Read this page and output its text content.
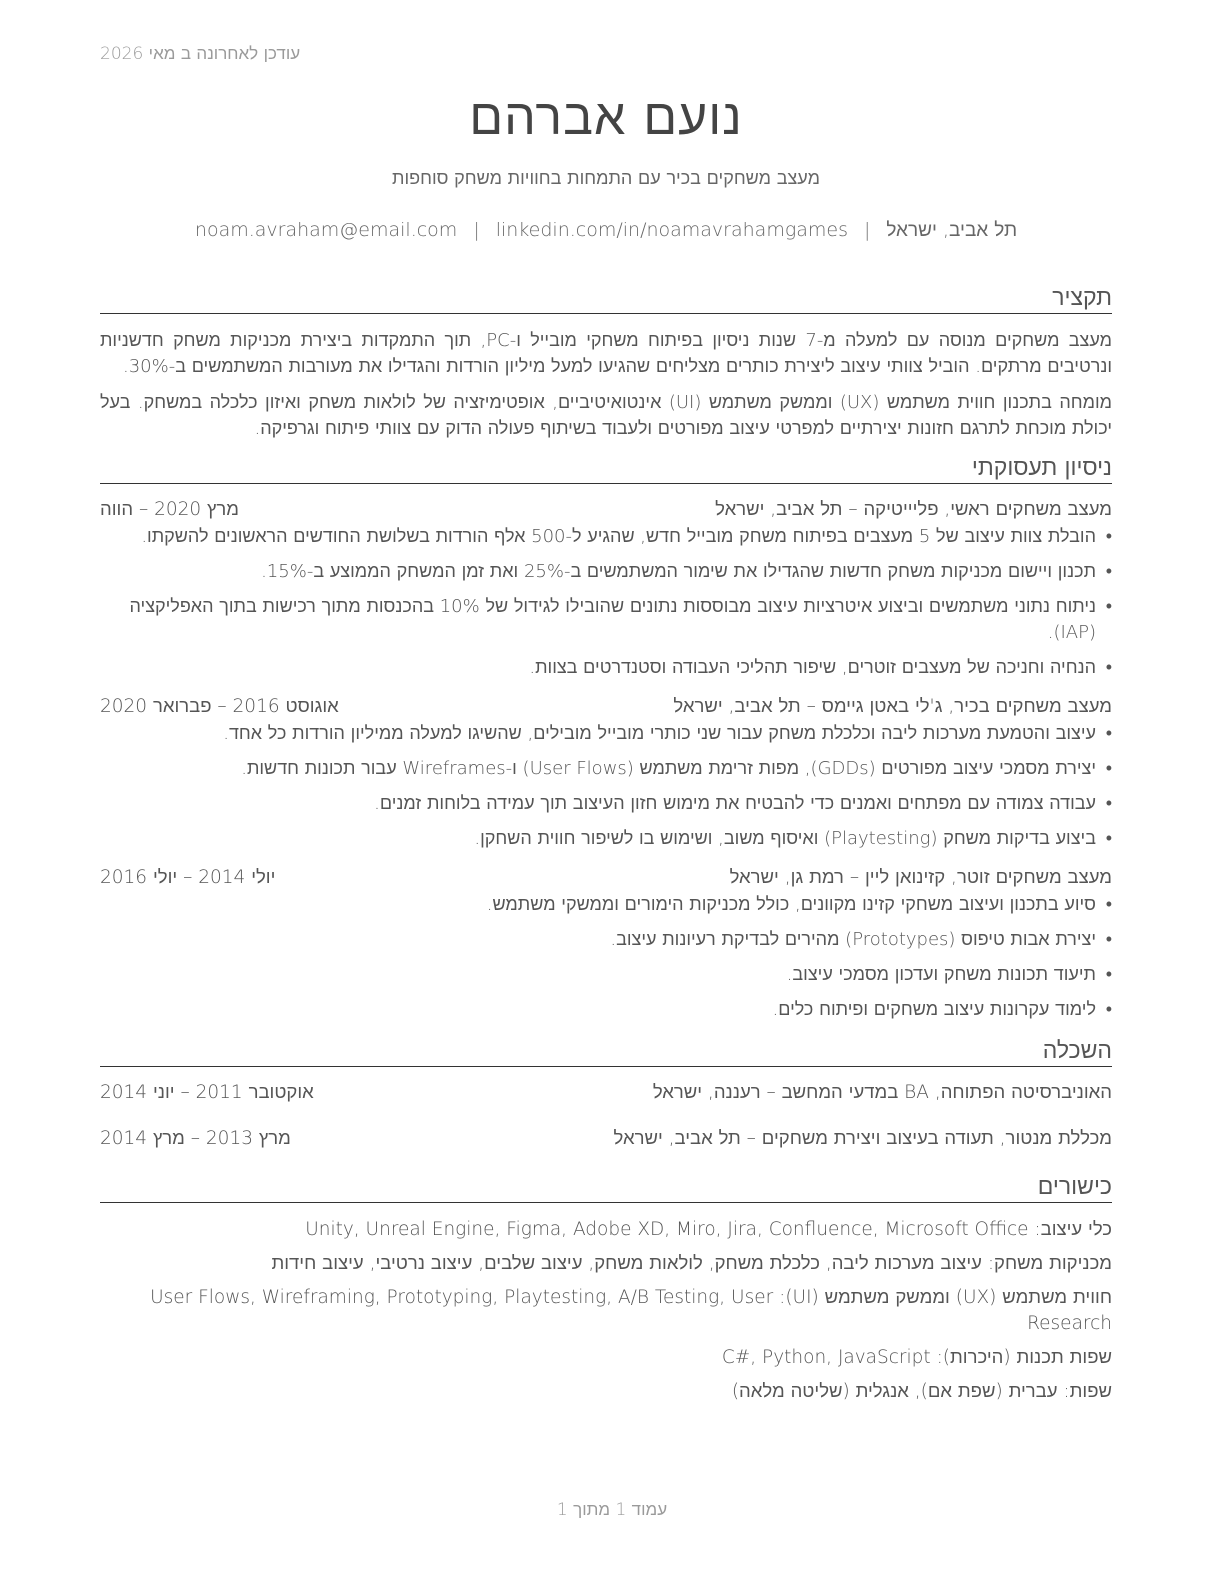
עודכן לאחרונה ב מאי 2026
נועם אברהם
מעצב משחקים בכיר עם התמחות בחוויות משחק סוחפות
תל אביב, ישראל|noam.avraham@email.com | linkedin.com/in/noamavrahamgames
תקציר

מעצב משחקים מנוסה עם למעלה מ-7 שנות ניסיון בפיתוח משחקי מובייל ו-PC, תוך התמקדות ביצירת מכניקות משחק חדשניות ונרטיבים מרתקים. הוביל צוותי עיצוב ליצירת כותרים מצליחים שהגיעו למעל מיליון הורדות והגדילו את מעורבות המשתמשים ב-30%.

מומחה בתכנון חווית משתמש (UX) וממשק משתמש (UI) אינטואיטיביים, אופטימיזציה של לולאות משחק ואיזון כלכלה במשחק. בעל יכולת מוכחת לתרגם חזונות יצירתיים למפרטי עיצוב מפורטים ולעבוד בשיתוף פעולה הדוק עם צוותי פיתוח וגרפיקה.

ניסיון תעסוקתי
מעצב משחקים ראשי, פליייטיקה – תל אביב, ישראל
מרץ 2020 – הווה
• הובלת צוות עיצוב של 5 מעצבים בפיתוח משחק מובייל חדש, שהגיע ל-500 אלף הורדות בשלושת החודשים הראשונים להשקתו.
• תכנון ויישום מכניקות משחק חדשות שהגדילו את שימור המשתמשים ב-25% ואת זמן המשחק הממוצע ב-15%.
• ניתוח נתוני משתמשים וביצוע איטרציות עיצוב מבוססות נתונים שהובילו לגידול של 10% בהכנסות מתוך רכישות בתוך האפליקציה (IAP).
• הנחיה וחניכה של מעצבים זוטרים, שיפור תהליכי העבודה וסטנדרטים בצוות.
מעצב משחקים בכיר, ג'לי באטן גיימס – תל אביב, ישראל
אוגוסט 2016 – פברואר 2020
• עיצוב והטמעת מערכות ליבה וכלכלת משחק עבור שני כותרי מובייל מובילים, שהשיגו למעלה ממיליון הורדות כל אחד.
• יצירת מסמכי עיצוב מפורטים (GDDs), מפות זרימת משתמש (User Flows) ו-Wireframes עבור תכונות חדשות.
• עבודה צמודה עם מפתחים ואמנים כדי להבטיח את מימוש חזון העיצוב תוך עמידה בלוחות זמנים.
• ביצוע בדיקות משחק (Playtesting) ואיסוף משוב, ושימוש בו לשיפור חווית השחקן.
מעצב משחקים זוטר, קזינואן ליין – רמת גן, ישראל
יולי 2014 – יולי 2016
• סיוע בתכנון ועיצוב משחקי קזינו מקוונים, כולל מכניקות הימורים וממשקי משתמש.
• יצירת אבות טיפוס (Prototypes) מהירים לבדיקת רעיונות עיצוב.
• תיעוד תכונות משחק ועדכון מסמכי עיצוב.
• לימוד עקרונות עיצוב משחקים ופיתוח כלים.
השכלה
האוניברסיטה הפתוחה, BA במדעי המחשב – רעננה, ישראל
אוקטובר 2011 – יוני 2014
מכללת מנטור, תעודה בעיצוב ויצירת משחקים – תל אביב, ישראל
מרץ 2013 – מרץ 2014
כישורים
כלי עיצוב: Unity, Unreal Engine, Figma, Adobe XD, Miro, Jira, Confluence, Microsoft Office
מכניקות משחק: עיצוב מערכות ליבה, כלכלת משחק, לולאות משחק, עיצוב שלבים, עיצוב נרטיבי, עיצוב חידות
חווית משתמש (UX) וממשק משתמש (UI): User Flows, Wireframing, Prototyping, Playtesting, A/B Testing, User Research
שפות תכנות (היכרות): C#, Python, JavaScript
שפות: עברית (שפת אם), אנגלית (שליטה מלאה)
עמוד 1 מתוך 1
